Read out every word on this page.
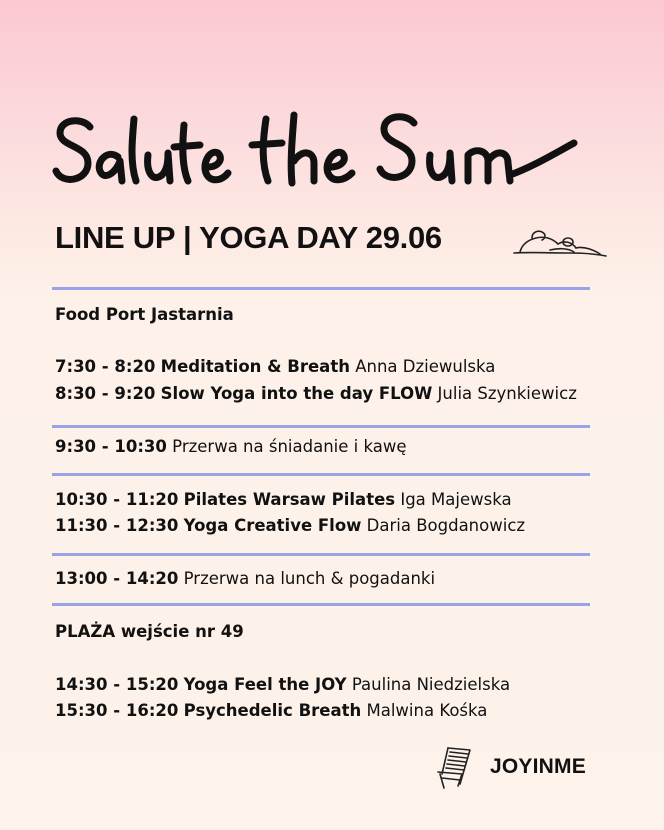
LINE UP | YOGA DAY 29.06
Food Port Jastarnia
7:30 - 8:20 Meditation & Breath Anna Dziewulska
8:30 - 9:20 Slow Yoga into the day FLOW Julia Szynkiewicz
9:30 - 10:30 Przerwa na śniadanie i kawę
10:30 - 11:20 Pilates Warsaw Pilates Iga Majewska
11:30 - 12:30 Yoga Creative Flow Daria Bogdanowicz
13:00 - 14:20 Przerwa na lunch & pogadanki
PLAŻA wejście nr 49
14:30 - 15:20 Yoga Feel the JOY Paulina Niedzielska
15:30 - 16:20 Psychedelic Breath Malwina Kośka
JOYINME
